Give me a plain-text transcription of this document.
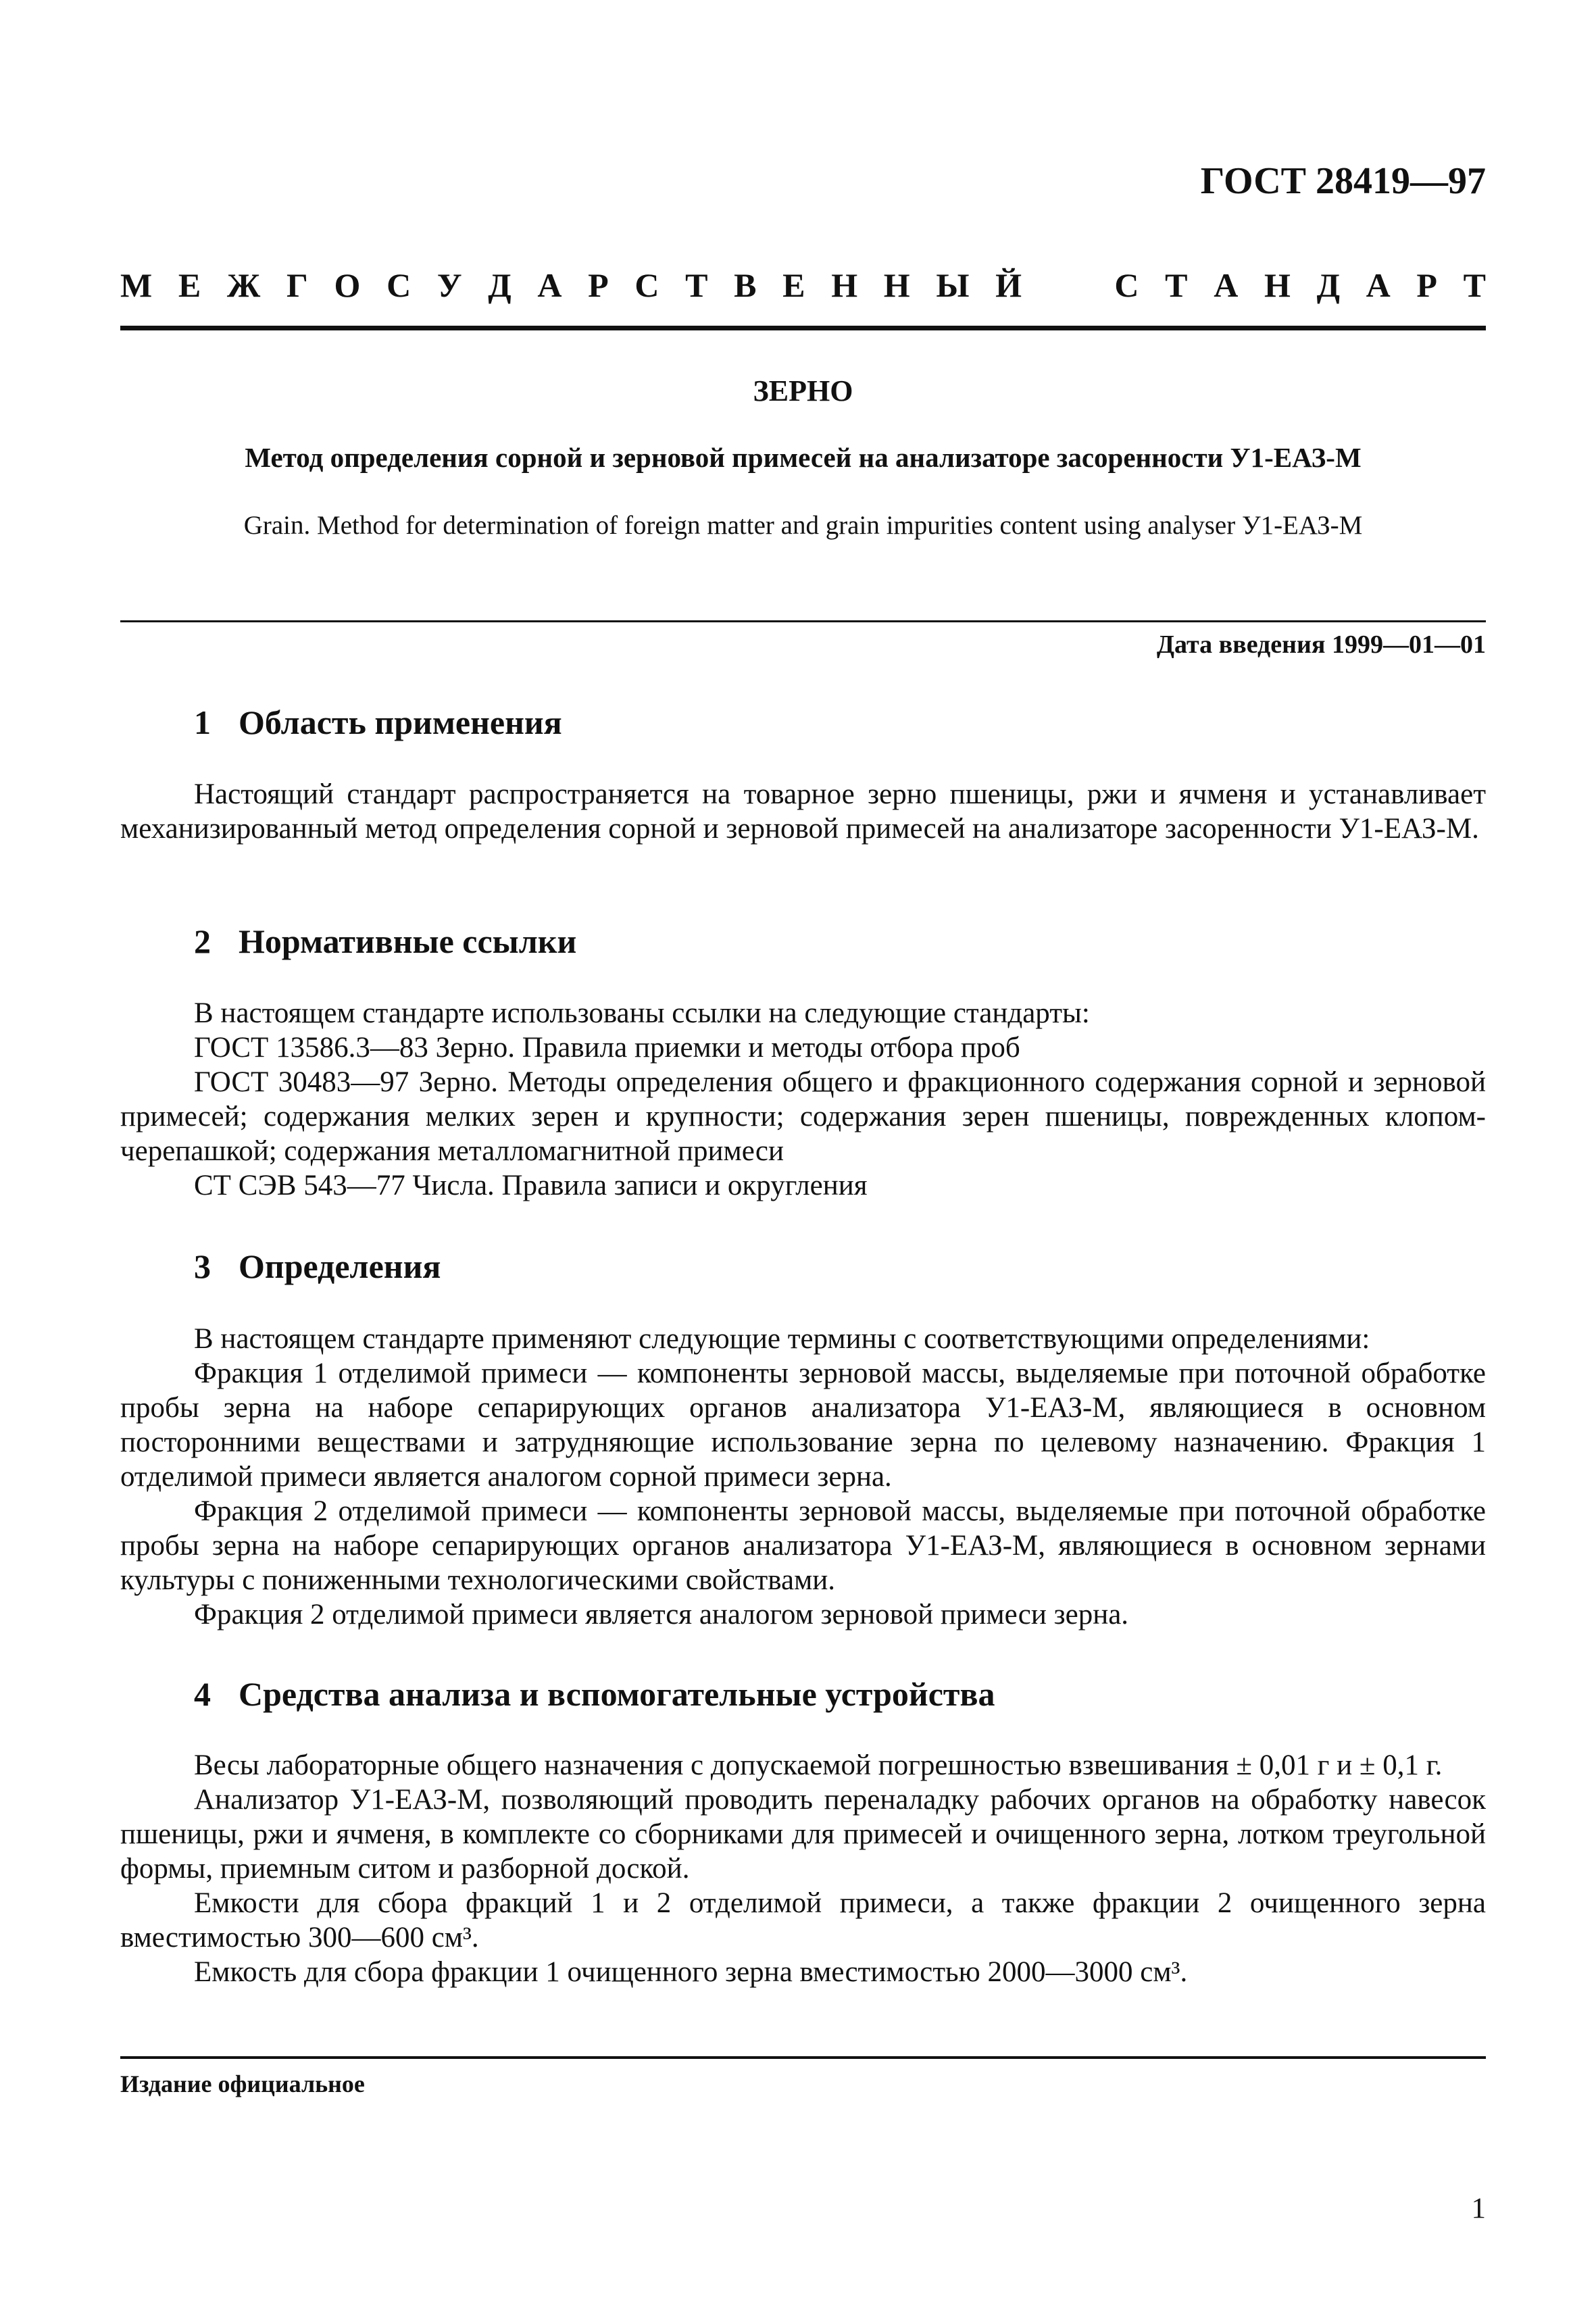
ГОСТ 28419—97
М Е Ж Г О С У Д А Р С Т В Е Н Н Ы Й	С Т А Н Д А Р Т
ЗЕРНО
Метод определения сорной и зерновой примесей на анализаторе засоренности У1-ЕАЗ-М
Grain. Method for determination of foreign matter and grain impurities content using analyser У1-ЕАЗ-М
Дата введения 1999—01—01
1 Область применения

Настоящий стандарт распространяется на товарное зерно пшеницы, ржи и ячменя и устанавливает механизированный метод определения сорной и зерновой примесей на анализаторе засоренности У1-ЕАЗ-М.

2 Нормативные ссылки

В настоящем стандарте использованы ссылки на следующие стандарты:

ГОСТ 13586.3—83 Зерно. Правила приемки и методы отбора проб

ГОСТ 30483—97 Зерно. Методы определения общего и фракционного содержания сорной и зерновой примесей; содержания мелких зерен и крупности; содержания зерен пшеницы, поврежденных клопом-черепашкой; содержания металломагнитной примеси

СТ СЭВ 543—77 Числа. Правила записи и округления

3 Определения

В настоящем стандарте применяют следующие термины с соответствующими определениями:

Фракция 1 отделимой примеси — компоненты зерновой массы, выделяемые при поточной обработке пробы зерна на наборе сепарирующих органов анализатора У1-ЕАЗ-М, являющиеся в основном посторонними веществами и затрудняющие использование зерна по целевому назначению. Фракция 1 отделимой примеси является аналогом сорной примеси зерна.

Фракция 2 отделимой примеси — компоненты зерновой массы, выделяемые при поточной обработке пробы зерна на наборе сепарирующих органов анализатора У1-ЕАЗ-М, являющиеся в основном зернами культуры с пониженными технологическими свойствами.

Фракция 2 отделимой примеси является аналогом зерновой примеси зерна.

4 Средства анализа и вспомогательные устройства

Весы лабораторные общего назначения с допускаемой погрешностью взвешивания ± 0,01 г и ± 0,1 г.

Анализатор У1-ЕАЗ-М, позволяющий проводить переналадку рабочих органов на обработку навесок пшеницы, ржи и ячменя, в комплекте со сборниками для примесей и очищенного зерна, лотком треугольной формы, приемным ситом и разборной доской.

Емкости для сбора фракций 1 и 2 отделимой примеси, а также фракции 2 очищенного зерна вместимостью 300—600 см³.

Емкость для сбора фракции 1 очищенного зерна вместимостью 2000—3000 см³.

Издание официальное
1
